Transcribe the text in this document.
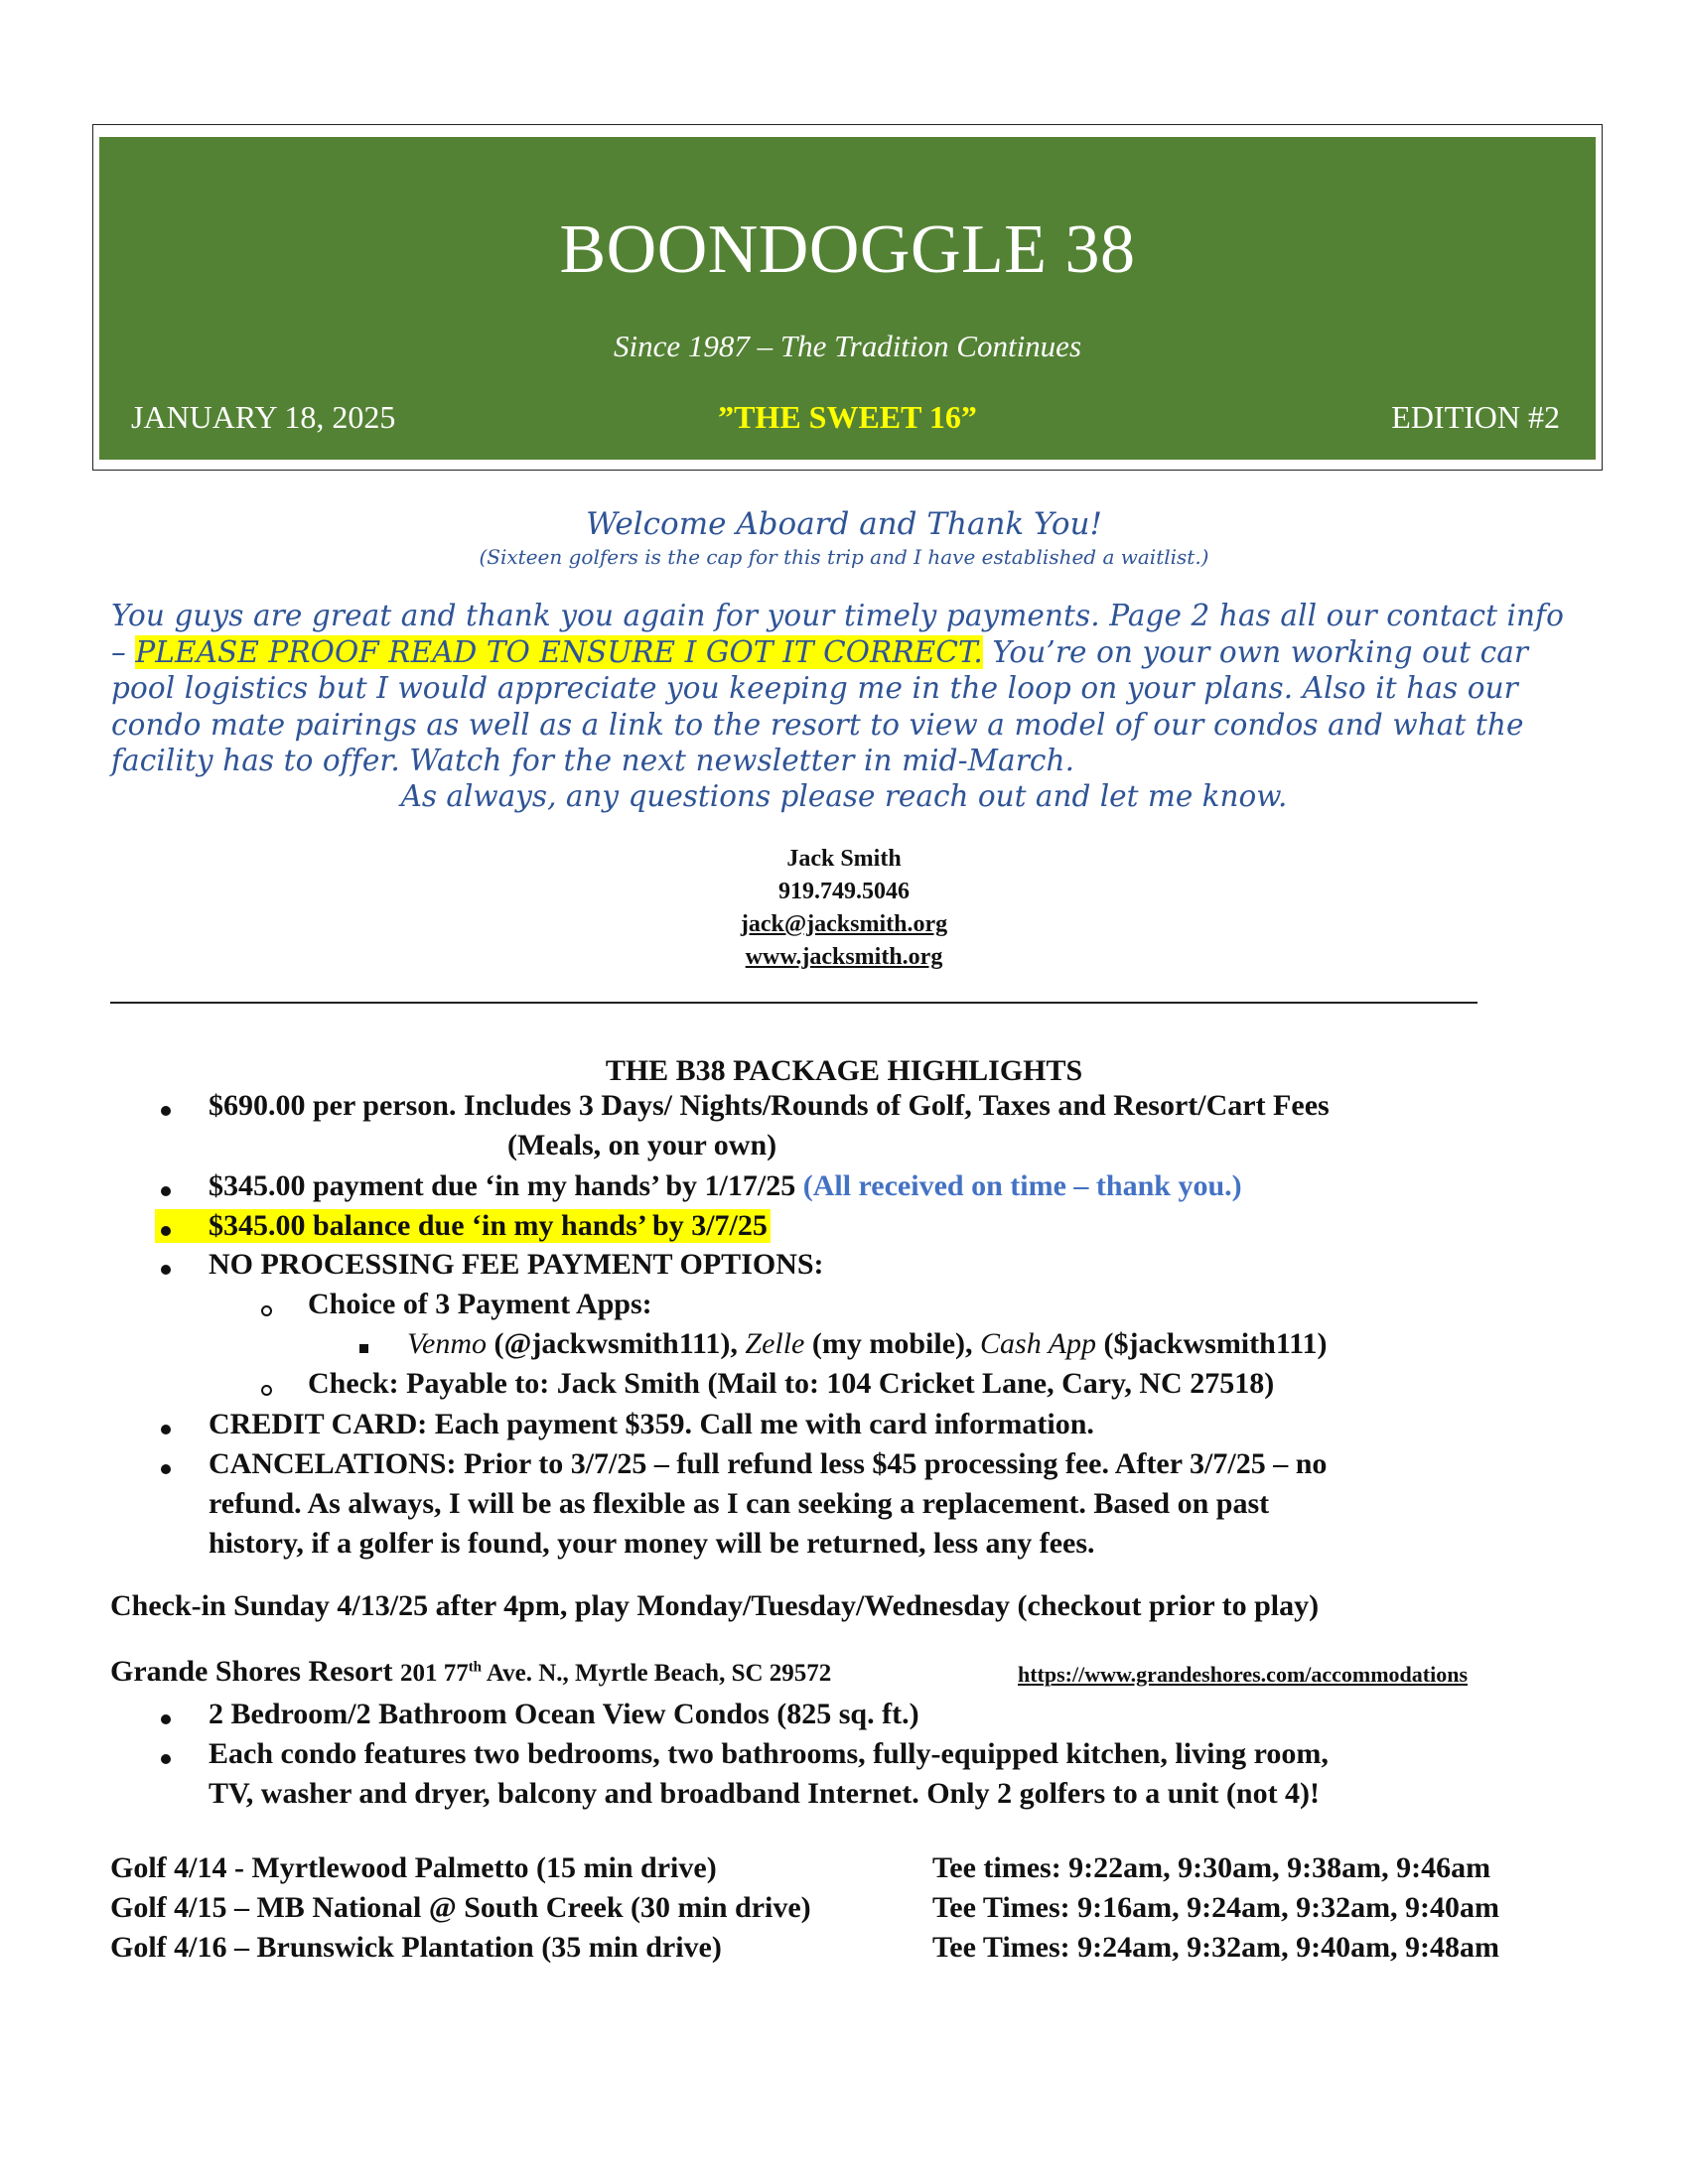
BOONDOGGLE 38
Since 1987 – The Tradition Continues
JANUARY 18, 2025	”THE SWEET 16”	EDITION #2
Welcome Aboard and Thank You!
(Sixteen golfers is the cap for this trip and I have established a waitlist.)
You guys are great and thank you again for your timely payments. Page 2 has all our contact info – PLEASE PROOF READ TO ENSURE I GOT IT CORRECT. You’re on your own working out car pool logistics but I would appreciate you keeping me in the loop on your plans. Also it has our condo mate pairings as well as a link to the resort to view a model of our condos and what the facility has to offer. Watch for the next newsletter in mid-March.
As always, any questions please reach out and let me know.
Jack Smith
919.749.5046
jack@jacksmith.org
www.jacksmith.org
THE B38 PACKAGE HIGHLIGHTS
$690.00 per person. Includes 3 Days/ Nights/Rounds of Golf, Taxes and Resort/Cart Fees
(Meals, on your own)
$345.00 payment due ‘in my hands’ by 1/17/25 (All received on time – thank you.)
$345.00 balance due ‘in my hands’ by 3/7/25
NO PROCESSING FEE PAYMENT OPTIONS:
Choice of 3 Payment Apps:
Venmo (@jackwsmith111), Zelle (my mobile), Cash App ($jackwsmith111)
Check: Payable to: Jack Smith (Mail to: 104 Cricket Lane, Cary, NC 27518)
CREDIT CARD: Each payment $359. Call me with card information.
CANCELATIONS: Prior to 3/7/25 – full refund less $45 processing fee. After 3/7/25 – no
refund. As always, I will be as flexible as I can seeking a replacement. Based on past
history, if a golfer is found, your money will be returned, less any fees.
Check-in Sunday 4/13/25 after 4pm, play Monday/Tuesday/Wednesday (checkout prior to play)
Grande Shores Resort 201 77th Ave. N., Myrtle Beach, SC 29572	https://www.grandeshores.com/accommodations
2 Bedroom/2 Bathroom Ocean View Condos (825 sq. ft.)
Each condo features two bedrooms, two bathrooms, fully-equipped kitchen, living room,
TV, washer and dryer, balcony and broadband Internet. Only 2 golfers to a unit (not 4)!
Golf 4/14 - Myrtlewood Palmetto (15 min drive)	Tee times: 9:22am, 9:30am, 9:38am, 9:46am
Golf 4/15 – MB National @ South Creek (30 min drive)	Tee Times: 9:16am, 9:24am, 9:32am, 9:40am
Golf 4/16 – Brunswick Plantation (35 min drive)	Tee Times: 9:24am, 9:32am, 9:40am, 9:48am
